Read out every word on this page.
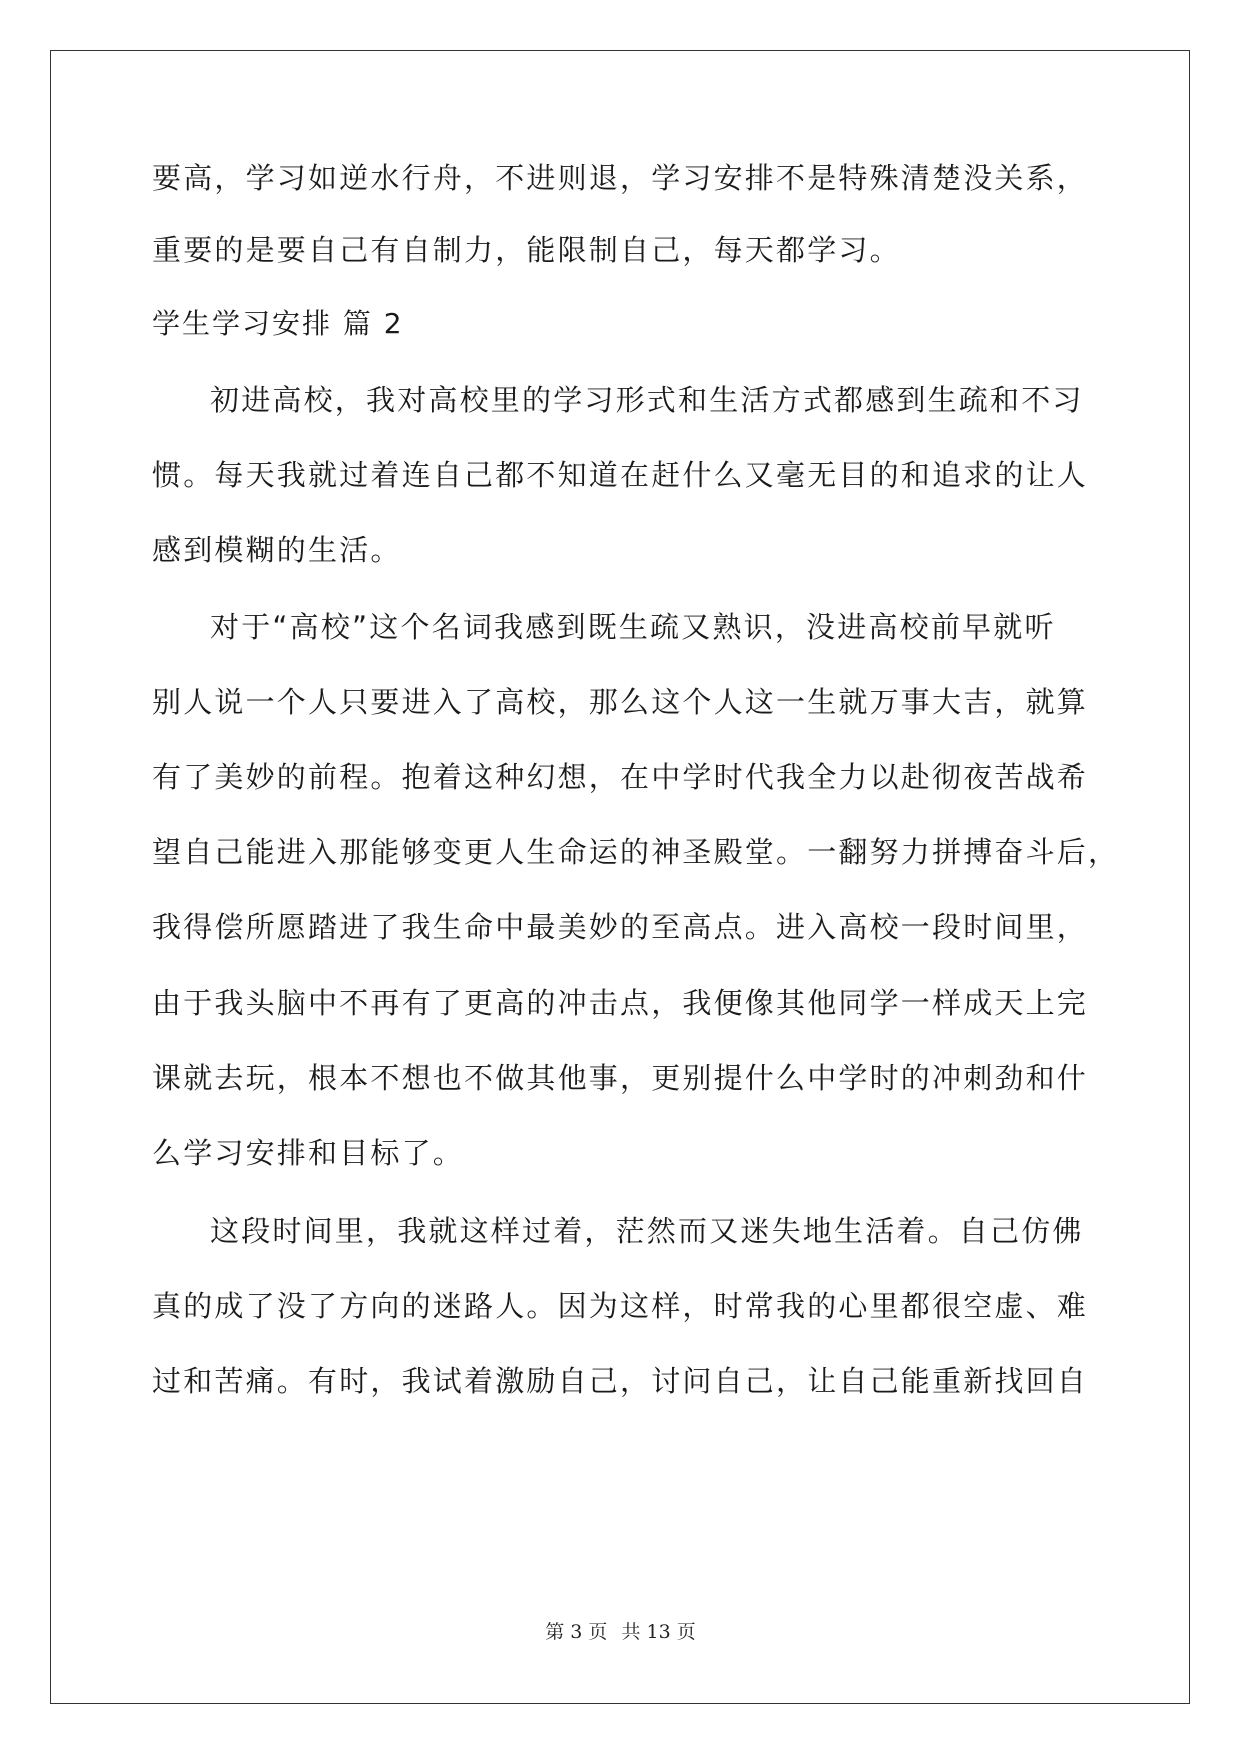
要高，学习如逆水行舟，不进则退，学习安排不是特殊清楚没关系，
重要的是要自己有自制力，能限制自己，每天都学习。
学生学习安排 篇 2
初进高校，我对高校里的学习形式和生活方式都感到生疏和不习
惯。每天我就过着连自己都不知道在赶什么又毫无目的和追求的让人
感到模糊的生活。
对于“高校”这个名词我感到既生疏又熟识，没进高校前早就听
别人说一个人只要进入了高校，那么这个人这一生就万事大吉，就算
有了美妙的前程。抱着这种幻想，在中学时代我全力以赴彻夜苦战希
望自己能进入那能够变更人生命运的神圣殿堂。一翻努力拼搏奋斗后，
我得偿所愿踏进了我生命中最美妙的至高点。进入高校一段时间里，
由于我头脑中不再有了更高的冲击点，我便像其他同学一样成天上完
课就去玩，根本不想也不做其他事，更别提什么中学时的冲刺劲和什
么学习安排和目标了。
这段时间里，我就这样过着，茫然而又迷失地生活着。自己仿佛
真的成了没了方向的迷路人。因为这样，时常我的心里都很空虚、难
过和苦痛。有时，我试着激励自己，讨问自己，让自己能重新找回自
第 3 页 共 13 页
